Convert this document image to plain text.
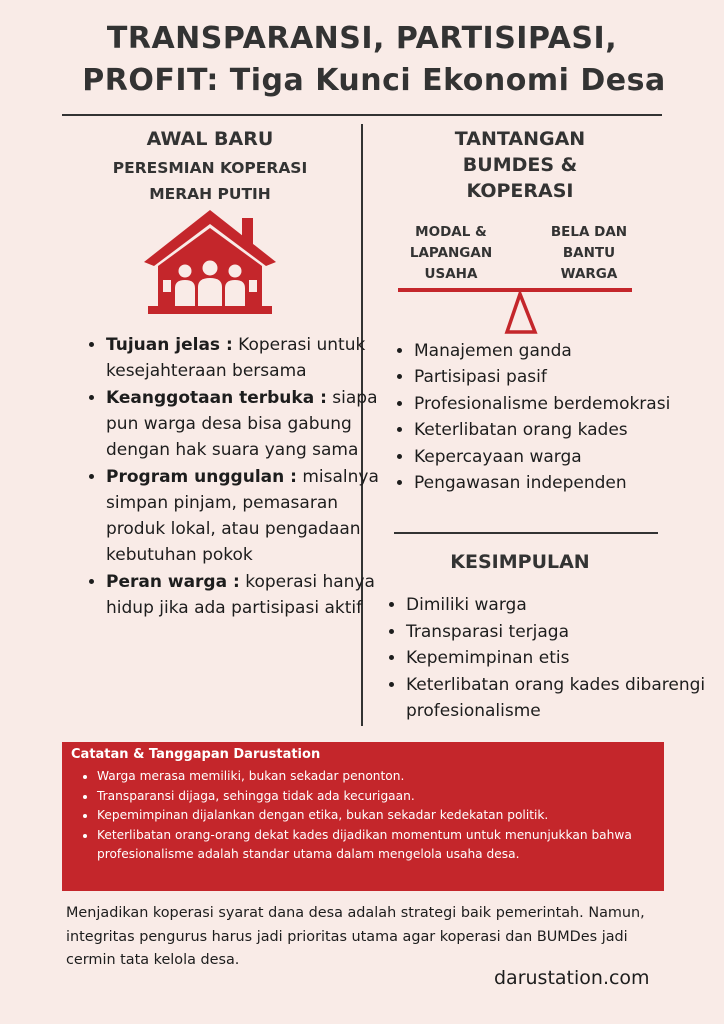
TRANSPARANSI, PARTISIPASI,
PROFIT: Tiga Kunci Ekonomi Desa
AWAL BARU
PERESMIAN KOPERASI
MERAH PUTIH
• Tujuan jelas : Koperasi untuk kesejahteraan bersama
• Keanggotaan terbuka : siapa pun warga desa bisa gabung dengan hak suara yang sama
• Program unggulan : misalnya simpan pinjam, pemasaran produk lokal, atau pengadaan kebutuhan pokok
• Peran warga : koperasi hanya hidup jika ada partisipasi aktif
TANTANGAN
BUMDES &
KOPERASI
MODAL &
LAPANGAN
USAHA
BELA DAN
BANTU
WARGA
• Manajemen ganda
• Partisipasi pasif
• Profesionalisme berdemokrasi
• Keterlibatan orang kades
• Kepercayaan warga
• Pengawasan independen
KESIMPULAN
• Dimiliki warga
• Transparasi terjaga
• Kepemimpinan etis
• Keterlibatan orang kades dibarengi profesionalisme
Catatan & Tanggapan Darustation
• Warga merasa memiliki, bukan sekadar penonton.
• Transparansi dijaga, sehingga tidak ada kecurigaan.
• Kepemimpinan dijalankan dengan etika, bukan sekadar kedekatan politik.
• Keterlibatan orang-orang dekat kades dijadikan momentum untuk menunjukkan bahwa profesionalisme adalah standar utama dalam mengelola usaha desa.
Menjadikan koperasi syarat dana desa adalah strategi baik pemerintah. Namun, integritas pengurus harus jadi prioritas utama agar koperasi dan BUMDes jadi cermin tata kelola desa.
darustation.com
